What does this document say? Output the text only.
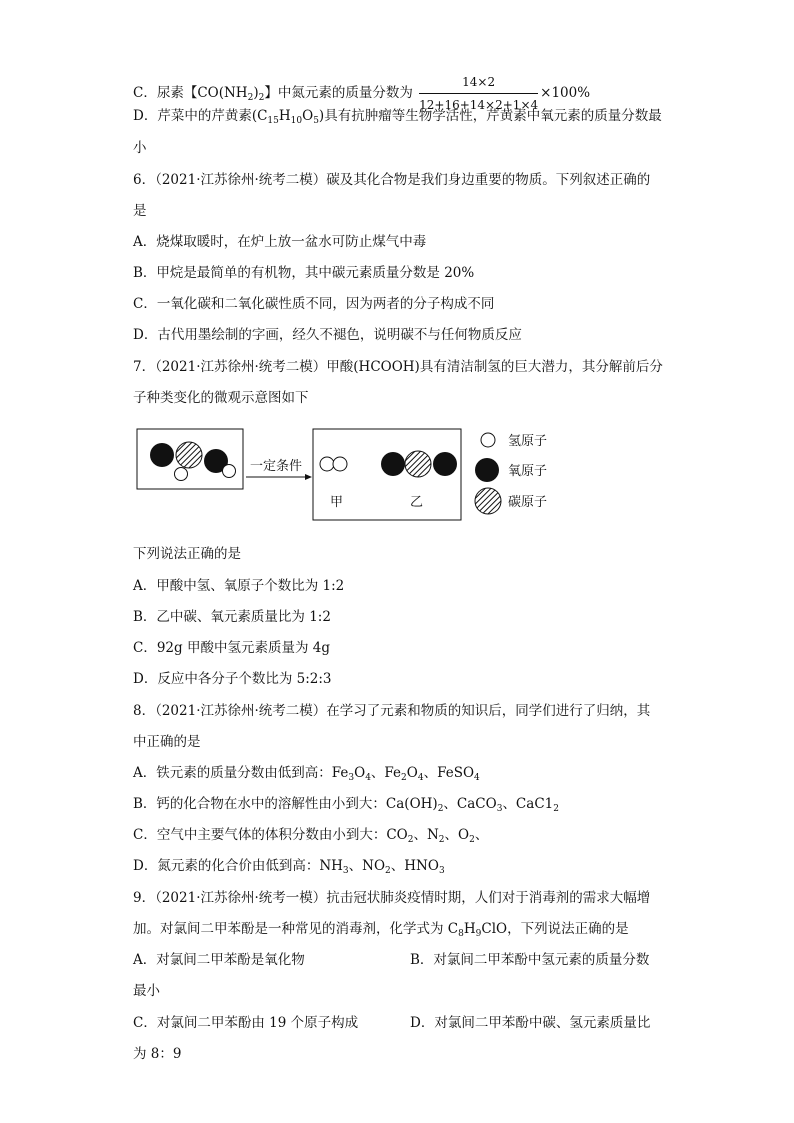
C．尿素【$CO(NH_2)_2$】中氮元素的质量分数为 $\frac{14\times 2}{12+16+14\times 2+1\times 4} \times 100\%$
D．芹菜中的芹黄素$(C_{15}H_{10}O_5)$具有抗肿瘤等生物学活性，芹黄素中氧元素的质量分数最
小
6．（2021·江苏徐州·统考二模）碳及其化合物是我们身边重要的物质。下列叙述正确的
是
A．烧煤取暖时，在炉上放一盆水可防止煤气中毒
B．甲烷是最简单的有机物，其中碳元素质量分数是 20%
C．一氧化碳和二氧化碳性质不同，因为两者的分子构成不同
D．古代用墨绘制的字画，经久不褪色，说明碳不与任何物质反应
7．（2021·江苏徐州·统考二模）甲酸(HCOOH)具有清洁制氢的巨大潜力，其分解前后分
子种类变化的微观示意图如下
一定条件
甲	乙
氢原子
氧原子
碳原子
下列说法正确的是
A．甲酸中氢、氧原子个数比为 1:2
B．乙中碳、氧元素质量比为 1:2
C．92g 甲酸中氢元素质量为 4g
D．反应中各分子个数比为 5:2:3
8．（2021·江苏徐州·统考二模）在学习了元素和物质的知识后，同学们进行了归纳，其
中正确的是
A．铁元素的质量分数由低到高：$Fe_3O_4$、$Fe_2O_4$、FeSO$_4$
B．钙的化合物在水中的溶解性由小到大：$Ca(OH)_2$、CaCO$_3$、$CaC1_2$
C．空气中主要气体的体积分数由小到大：$CO_2$、$N_2$、$O_2$、
D．氮元素的化合价由低到高：$NH_3$、$NO_2$、$HNO_3$
9．（2021·江苏徐州·统考一模）抗击冠状肺炎疫情时期，人们对于消毒剂的需求大幅增
加。对氯间二甲苯酚是一种常见的消毒剂，化学式为 $C_8H_9ClO$，下列说法正确的是
A．对氯间二甲苯酚是氧化物	B．对氯间二甲苯酚中氢元素的质量分数
最小
C．对氯间二甲苯酚由 19 个原子构成	D．对氯间二甲苯酚中碳、氢元素质量比
为 8：9
